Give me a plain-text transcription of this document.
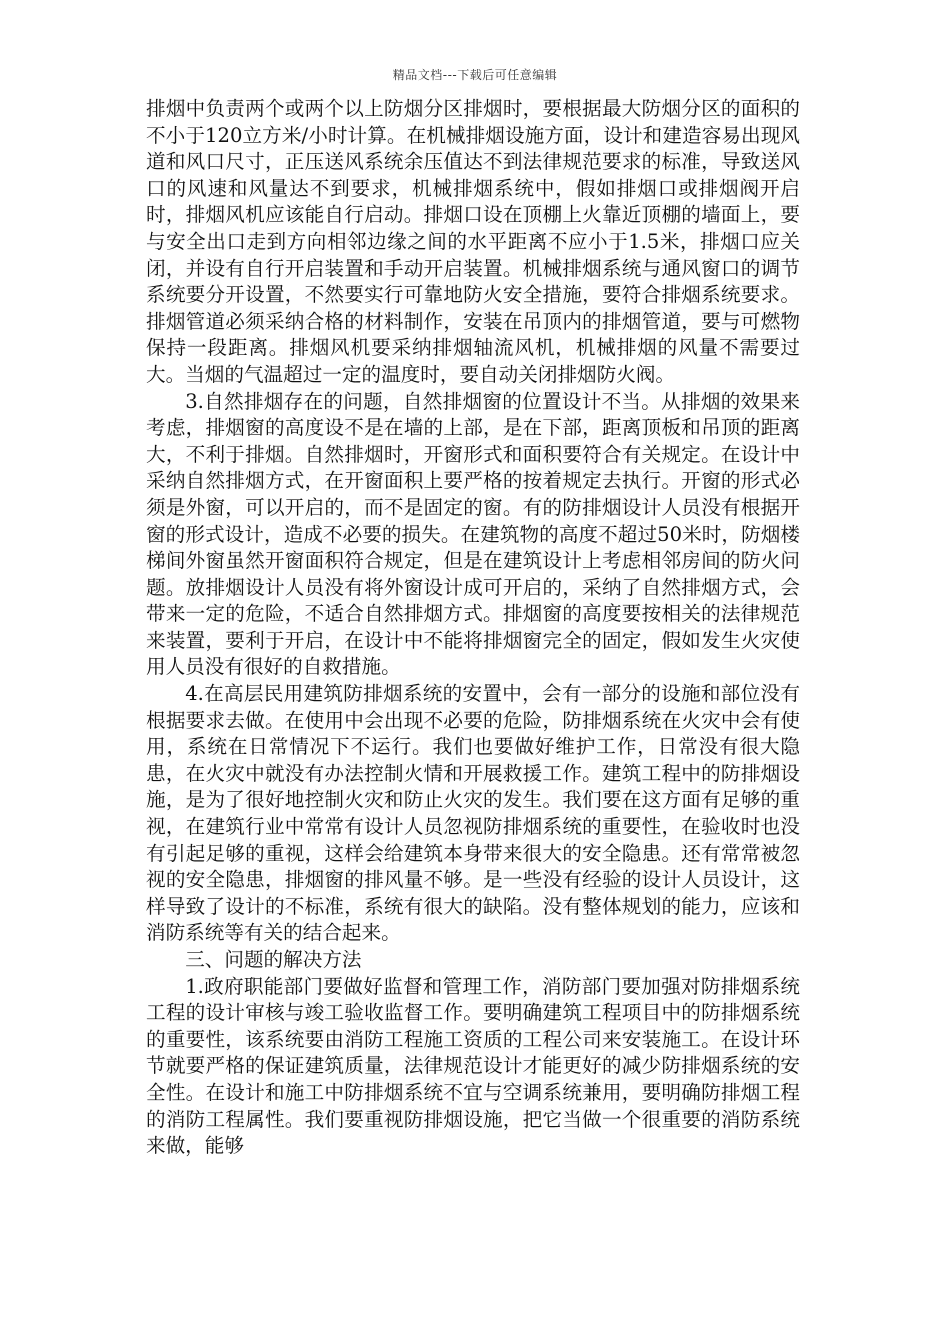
精品文档---下载后可任意编辑

排烟中负责两个或两个以上防烟分区排烟时，要根据最大防烟分区的面积的不小于120立方米/小时计算。在机械排烟设施方面，设计和建造容易出现风道和风口尺寸，正压送风系统余压值达不到法律规范要求的标准，导致送风口的风速和风量达不到要求，机械排烟系统中，假如排烟口或排烟阀开启时，排烟风机应该能自行启动。排烟口设在顶棚上火靠近顶棚的墙面上，要与安全出口走到方向相邻边缘之间的水平距离不应小于1.5米，排烟口应关闭，并设有自行开启装置和手动开启装置。机械排烟系统与通风窗口的调节系统要分开设置，不然要实行可靠地防火安全措施，要符合排烟系统要求。排烟管道必须采纳合格的材料制作，安装在吊顶内的排烟管道，要与可燃物保持一段距离。排烟风机要采纳排烟轴流风机，机械排烟的风量不需要过大。当烟的气温超过一定的温度时，要自动关闭排烟防火阀。

3.自然排烟存在的问题，自然排烟窗的位置设计不当。从排烟的效果来考虑，排烟窗的高度设不是在墙的上部，是在下部，距离顶板和吊顶的距离大，不利于排烟。自然排烟时，开窗形式和面积要符合有关规定。在设计中采纳自然排烟方式，在开窗面积上要严格的按着规定去执行。开窗的形式必须是外窗，可以开启的，而不是固定的窗。有的防排烟设计人员没有根据开窗的形式设计，造成不必要的损失。在建筑物的高度不超过50米时，防烟楼梯间外窗虽然开窗面积符合规定，但是在建筑设计上考虑相邻房间的防火问题。放排烟设计人员没有将外窗设计成可开启的，采纳了自然排烟方式，会带来一定的危险，不适合自然排烟方式。排烟窗的高度要按相关的法律规范来装置，要利于开启，在设计中不能将排烟窗完全的固定，假如发生火灾使用人员没有很好的自救措施。

4.在高层民用建筑防排烟系统的安置中，会有一部分的设施和部位没有根据要求去做。在使用中会出现不必要的危险，防排烟系统在火灾中会有使用，系统在日常情况下不运行。我们也要做好维护工作，日常没有很大隐患，在火灾中就没有办法控制火情和开展救援工作。建筑工程中的防排烟设施，是为了很好地控制火灾和防止火灾的发生。我们要在这方面有足够的重视，在建筑行业中常常有设计人员忽视防排烟系统的重要性，在验收时也没有引起足够的重视，这样会给建筑本身带来很大的安全隐患。还有常常被忽视的安全隐患，排烟窗的排风量不够。是一些没有经验的设计人员设计，这样导致了设计的不标准，系统有很大的缺陷。没有整体规划的能力，应该和消防系统等有关的结合起来。

三、问题的解决方法

1.政府职能部门要做好监督和管理工作，消防部门要加强对防排烟系统工程的设计审核与竣工验收监督工作。要明确建筑工程项目中的防排烟系统的重要性，该系统要由消防工程施工资质的工程公司来安装施工。在设计环节就要严格的保证建筑质量，法律规范设计才能更好的减少防排烟系统的安全性。在设计和施工中防排烟系统不宜与空调系统兼用，要明确防排烟工程的消防工程属性。我们要重视防排烟设施，把它当做一个很重要的消防系统来做，能够
